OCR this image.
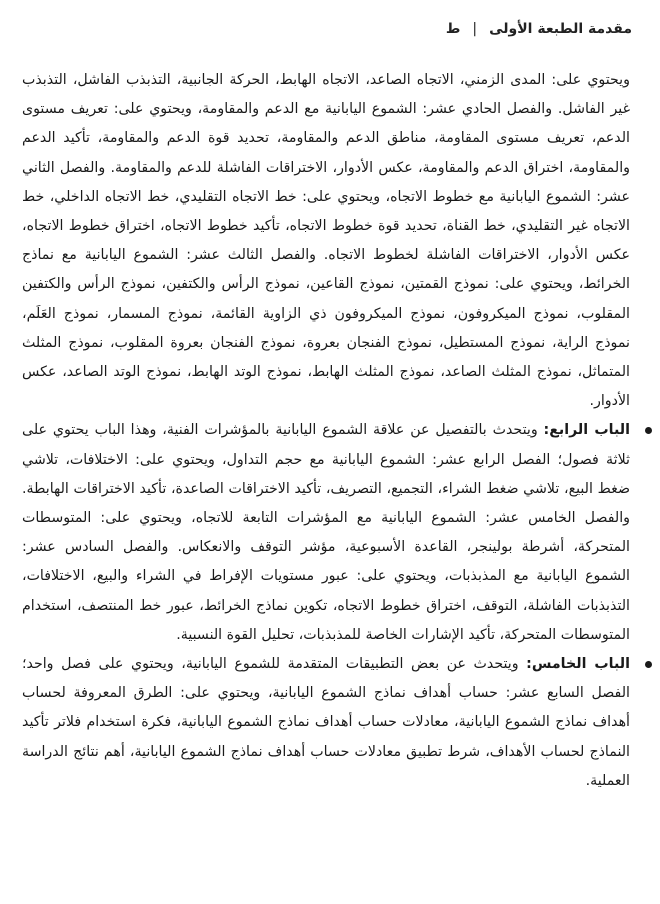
مقدمة الطبعة الأولى
|
ط

ويحتوي على: المدى الزمني، الاتجاه الصاعد، الاتجاه الهابط، الحركة الجانبية، التذبذب الفاشل، التذبذب غير الفاشل. والفصل الحادي عشر: الشموع اليابانية مع الدعم والمقاومة، ويحتوي على: تعريف مستوى الدعم، تعريف مستوى المقاومة، مناطق الدعم والمقاومة، تحديد قوة الدعم والمقاومة، تأكيد الدعم والمقاومة، اختراق الدعم والمقاومة، عكس الأدوار، الاختراقات الفاشلة للدعم والمقاومة. والفصل الثاني عشر: الشموع اليابانية مع خطوط الاتجاه، ويحتوي على: خط الاتجاه التقليدي، خط الاتجاه الداخلي، خط الاتجاه غير التقليدي، خط القناة، تحديد قوة خطوط الاتجاه، تأكيد خطوط الاتجاه، اختراق خطوط الاتجاه، عكس الأدوار، الاختراقات الفاشلة لخطوط الاتجاه. والفصل الثالث عشر: الشموع اليابانية مع نماذج الخرائط، ويحتوي على: نموذج القمتين، نموذج القاعين، نموذج الرأس والكتفين، نموذج الرأس والكتفين المقلوب، نموذج الميكروفون، نموذج الميكروفون ذي الزاوية القائمة، نموذج المسمار، نموذج العَلَم، نموذج الراية، نموذج المستطيل، نموذج الفنجان بعروة، نموذج الفنجان بعروة المقلوب، نموذج المثلث المتماثل، نموذج المثلث الصاعد، نموذج المثلث الهابط، نموذج الوتد الهابط، نموذج الوتد الصاعد، عكس الأدوار.

الباب الرابع: ويتحدث بالتفصيل عن علاقة الشموع اليابانية بالمؤشرات الفنية، وهذا الباب يحتوي على ثلاثة فصول؛ الفصل الرابع عشر: الشموع اليابانية مع حجم التداول، ويحتوي على: الاختلافات، تلاشي ضغط البيع، تلاشي ضغط الشراء، التجميع، التصريف، تأكيد الاختراقات الصاعدة، تأكيد الاختراقات الهابطة. والفصل الخامس عشر: الشموع اليابانية مع المؤشرات التابعة للاتجاه، ويحتوي على: المتوسطات المتحركة، أشرطة بولينجر، القاعدة الأسبوعية، مؤشر التوقف والانعكاس. والفصل السادس عشر: الشموع اليابانية مع المذبذبات، ويحتوي على: عبور مستويات الإفراط في الشراء والبيع، الاختلافات، التذبذبات الفاشلة، التوقف، اختراق خطوط الاتجاه، تكوين نماذج الخرائط، عبور خط المنتصف، استخدام المتوسطات المتحركة، تأكيد الإشارات الخاصة للمذبذبات، تحليل القوة النسبية.
الباب الخامس: ويتحدث عن بعض التطبيقات المتقدمة للشموع اليابانية، ويحتوي على فصل واحد؛ الفصل السابع عشر: حساب أهداف نماذج الشموع اليابانية، ويحتوي على: الطرق المعروفة لحساب أهداف نماذج الشموع اليابانية، معادلات حساب أهداف نماذج الشموع اليابانية، فكرة استخدام فلاتر تأكيد النماذج لحساب الأهداف، شرط تطبيق معادلات حساب أهداف نماذج الشموع اليابانية، أهم نتائج الدراسة العملية.
